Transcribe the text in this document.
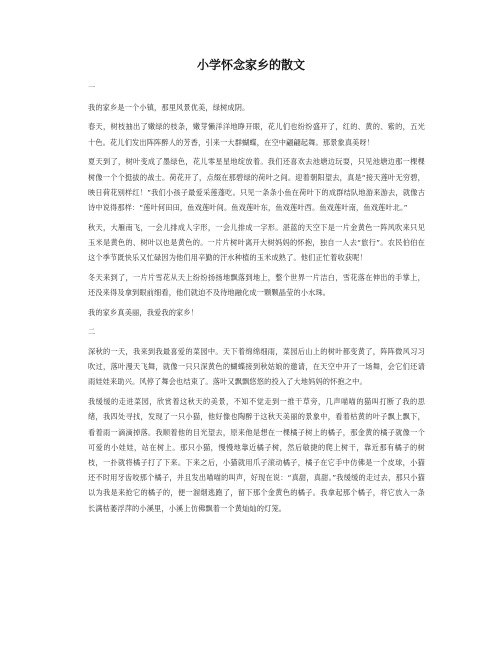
小学怀念家乡的散文

一

我的家乡是一个小镇，那里风景优美，绿树成阴。

春天，树枝抽出了嫩绿的枝条，嫩芽懒洋洋地睁开眼，花儿们也纷纷盛开了，红的、黄的、紫的，五光十色。花儿们发出阵阵醉人的芳香，引来一大群蝴蝶，在空中翩翩起舞。那景象真美呀！

夏天到了，树叶变成了墨绿色，花儿零星星地绽放着。我们还喜欢去池塘边玩耍，只见池塘边那一棵棵树像一个个挺拔的战士。荷花开了，点缀在那碧绿的荷叶之间。迎着朝阳望去，真是“接天莲叶无穷碧，映日荷花别样红！”我们小孩子最爱采莲蓬吃。只见一条条小鱼在荷叶下的成群结队地游来游去，就像古诗中说得那样：“莲叶何田田，鱼戏莲叶间。鱼戏莲叶东，鱼戏莲叶西。鱼戏莲叶南，鱼戏莲叶北。”

秋天，大雁南飞，一会儿排成人字形，一会儿排成一字形。湛蓝的天空下是一片金黄色一阵风吹来只见玉米是黄色的、树叶以也是黄色的。一片片树叶离开大树妈妈的怀抱，独自一人去“旅行”。农民伯伯在这个季节既快乐又忙碌因为他们用辛勤的汗水种植的玉米成熟了。他们正忙着收获呢！

冬天来到了，一片片雪花从天上纷纷扬扬地飘落到地上，整个世界一片洁白，雪花落在伸出的手掌上，还没来得及拿到眼前细看，他们就迫不及待地融化成一颗颗晶莹的小水珠。

我的家乡真美丽，我爱我的家乡！

二

深秋的一天，我来到我最喜爱的菜园中。天下着绵绵细雨，菜园后山上的树叶都变黄了，阵阵微风习习吹过，落叶漫天飞舞，就像一只只深黄色的蝴蝶接到秋姑娘的邀请，在天空中开了一场舞，会它们还请雨娃娃来助兴。风停了舞会也结束了。落叶又飘飘悠悠的投入了大地妈妈的怀抱之中。

我缓缓的走进菜园，欣赏着这秋天的美景，不知不觉走到一推干草旁，几声喵喵的猫叫打断了我的思绪，我四处寻找，发现了一只小猫，他好像也陶醉于这秋天美丽的景象中，看着枯黄的叶子飘上飘下，看着雨一滴滴掉落。我顺着他的目光望去，原来他是想在一棵橘子树上的橘子，那金黄的橘子就像一个可爱的小娃娃，站在树上。那只小猫，慢慢地靠近橘子树，然后敏捷的爬上树干，靠近那有橘子的树枝，一扑就将橘子打了下来。下来之后，小猫就用爪子滚动橘子，橘子在它手中仿佛是一个皮球，小猫还不时用牙齿咬那个橘子，并且发出喵喵的叫声，好现在说：“真甜，真甜。”我缓缓的走过去，那只小猫以为我是来抢它的橘子的，便一溜烟逃跑了，留下那个金黄色的橘子。我拿起那个橘子，将它放入一条长满枯萎浮萍的小溪里，小溪上仿佛飘着一个黄灿灿的灯笼。
